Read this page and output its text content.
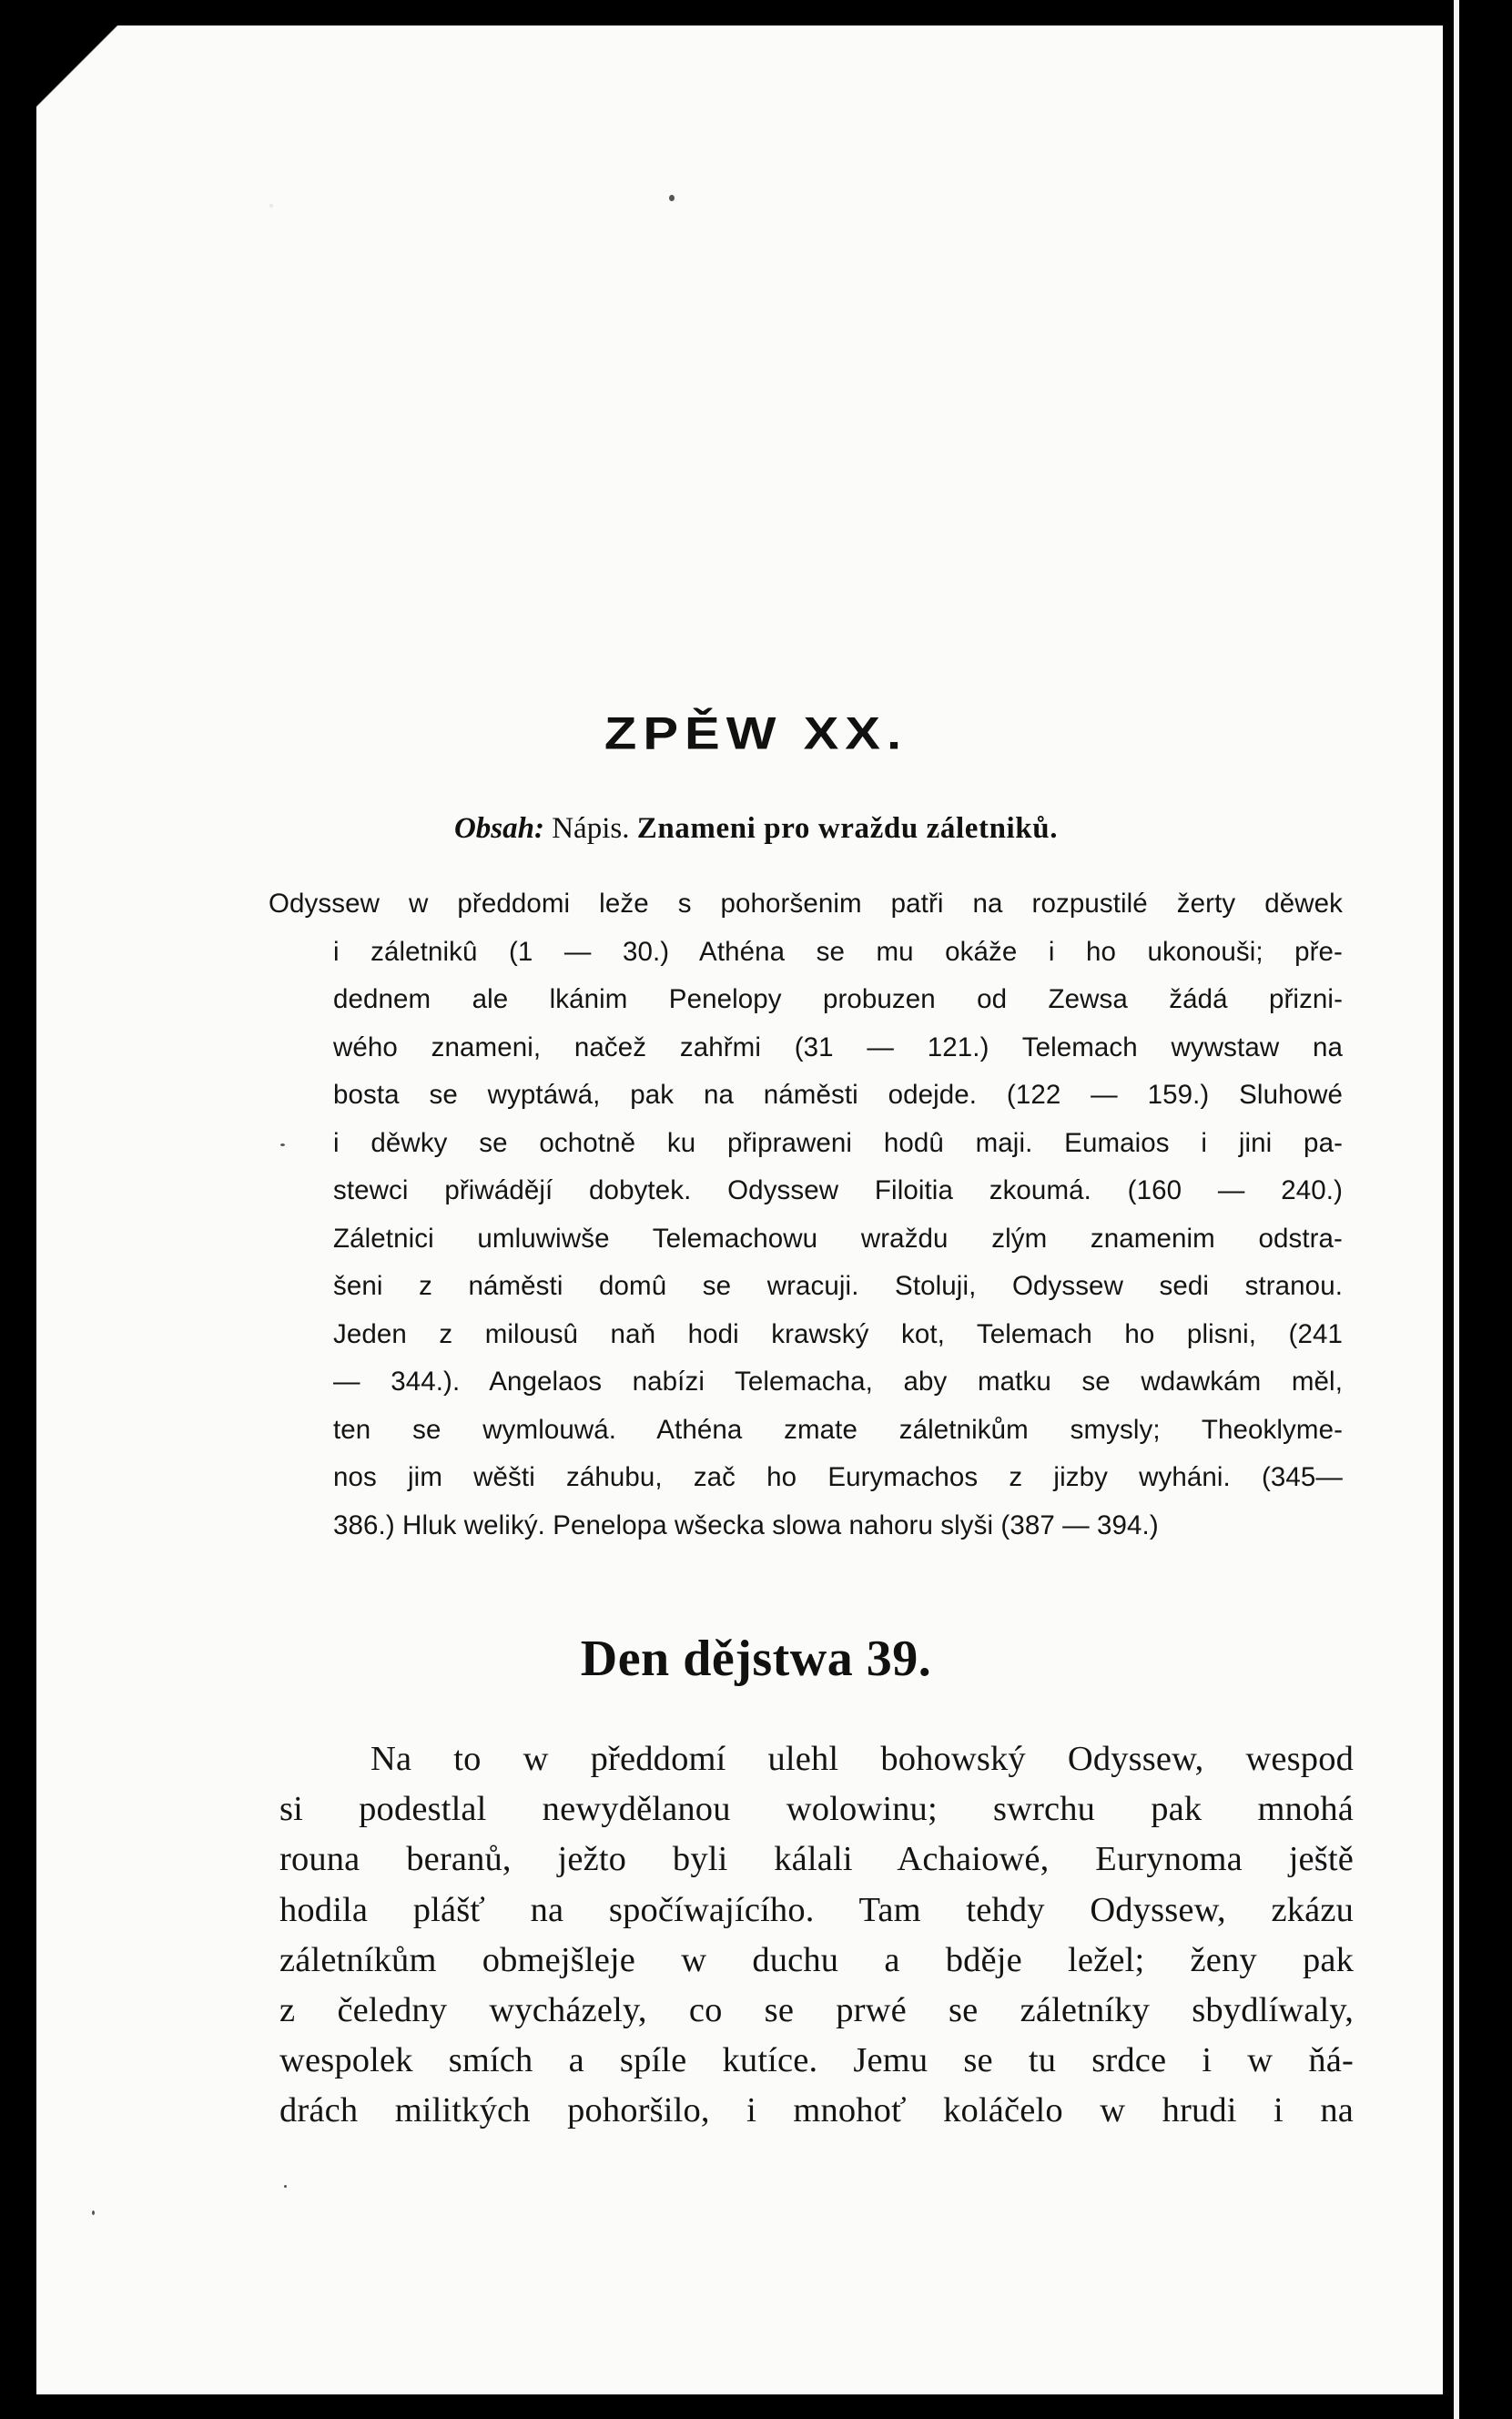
·
ZPĚW XX.
Obsah: Nápis. Znameni pro wraždu záletniků.
Odyssew w předdomi leže s pohoršenim patři na rozpustilé žerty děwek
i záletnikû (1 — 30.) Athéna se mu okáže i ho ukonouši; pře-
dednem ale lkánim Penelopy probuzen od Zewsa žádá přizni-
wého znameni, načež zahřmi (31 — 121.) Telemach wywstaw na
bosta se wyptáwá, pak na náměsti odejde. (122 — 159.) Sluhowé
i děwky se ochotně ku připraweni hodû maji. Eumaios i jini pa-
stewci přiwádějí dobytek. Odyssew Filoitia zkoumá. (160 — 240.)
Záletnici umluwiwše Telemachowu wraždu zlým znamenim odstra-
šeni z náměsti domû se wracuji. Stoluji, Odyssew sedi stranou.
Jeden z milousû naň hodi krawský kot, Telemach ho plisni, (241
— 344.). Angelaos nabízi Telemacha, aby matku se wdawkám měl,
ten se wymlouwá. Athéna zmate záletnikům smysly; Theoklyme-
nos jim wěšti záhubu, zač ho Eurymachos z jizby wyháni. (345—
386.) Hluk weliký. Penelopa wšecka slowa nahoru slyši (387 — 394.)
Den dějstwa 39.
Na to w předdomí ulehl bohowský Odyssew, wespod
si podestlal newydělanou wolowinu; swrchu pak mnohá
rouna beranů, ježto byli kálali Achaiowé, Eurynoma ještě
hodila plášť na spočíwajícího. Tam tehdy Odyssew, zkázu
záletníkům obmejšleje w duchu a bděje ležel; ženy pak
z čeledny wycházely, co se prwé se záletníky sbydlíwaly,
wespolek smích a spíle kutíce. Jemu se tu srdce i w ňá-
drách militkých pohoršilo, i mnohoť koláčelo w hrudi i na
